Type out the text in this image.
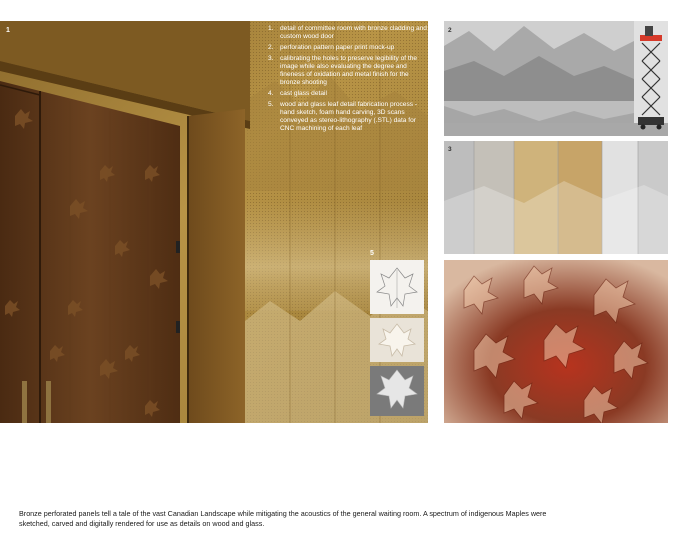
1	1. detail of committee room with bronze cladding and custom wood door
2. perforation pattern paper print mock-up
3. calibrating the holes to preserve legibility of the image while also evaluating the degree and fineness of oxidation and metal finish for the bronze shooting
4. cast glass detail
5. wood and glass leaf detail fabrication process - hand sketch, foam hand carving, 3D scans conveyed as stereo-lithography (.STL) data for CNC machining of each leaf
5
2
3
Bronze perforated panels tell a tale of the vast Canadian Landscape while mitigating the acoustics of the general waiting room. A spectrum of indigenous Maples were sketched, carved and digitally rendered for use as details on wood and glass.
